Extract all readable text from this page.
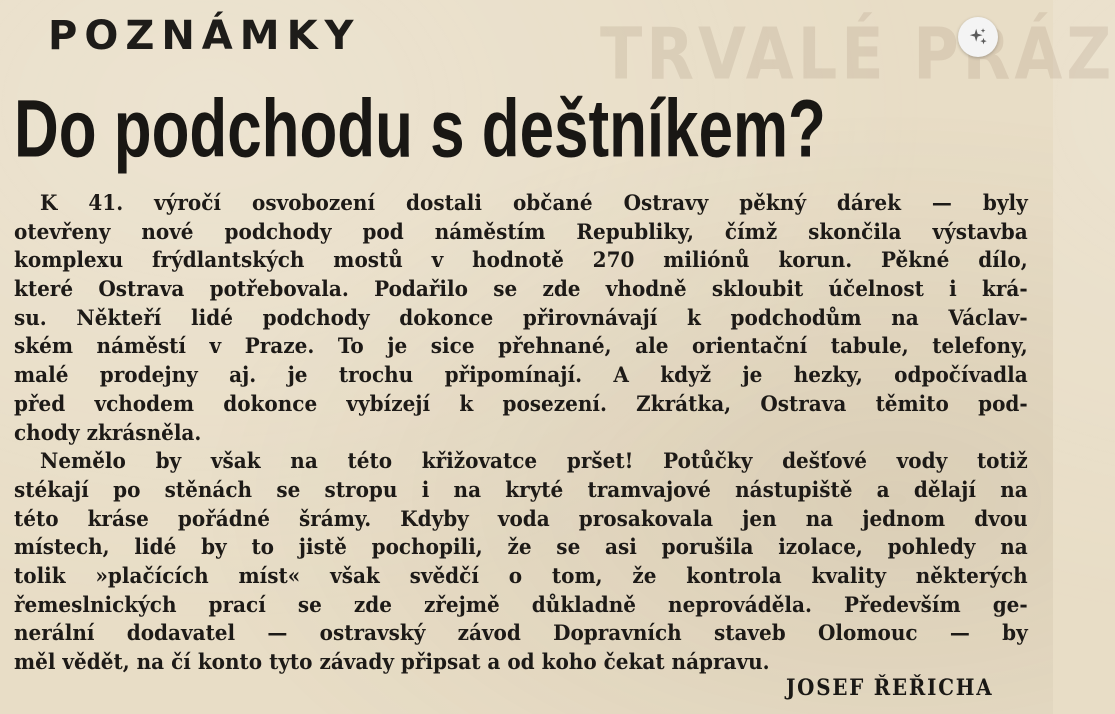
TRVALÉ PRÁZ
POZNÁMKY
Do podchodu s deštníkem?
K 41. výročí osvobození dostali občané Ostravy pěkný dárek — byly
otevřeny nové podchody pod náměstím Republiky, čímž skončila výstavba
komplexu frýdlantských mostů v hodnotě 270 miliónů korun. Pěkné dílo,
které Ostrava potřebovala. Podařilo se zde vhodně skloubit účelnost i krá-
su. Někteří lidé podchody dokonce přirovnávají k podchodům na Václav-
ském náměstí v Praze. To je sice přehnané, ale orientační tabule, telefony,
malé prodejny aj. je trochu připomínají. A když je hezky, odpočívadla
před vchodem dokonce vybízejí k posezení. Zkrátka, Ostrava těmito pod-
chody zkrásněla.
Nemělo by však na této křižovatce pršet! Potůčky dešťové vody totiž
stékají po stěnách se stropu i na kryté tramvajové nástupiště a dělají na
této kráse pořádné šrámy. Kdyby voda prosakovala jen na jednom dvou
místech, lidé by to jistě pochopili, že se asi porušila izolace, pohledy na
tolik »plačících míst« však svědčí o tom, že kontrola kvality některých
řemeslnických prací se zde zřejmě důkladně neprováděla. Především ge-
nerální dodavatel — ostravský závod Dopravních staveb Olomouc — by
měl vědět, na čí konto tyto závady připsat a od koho čekat nápravu.
JOSEF ŘEŘICHA
